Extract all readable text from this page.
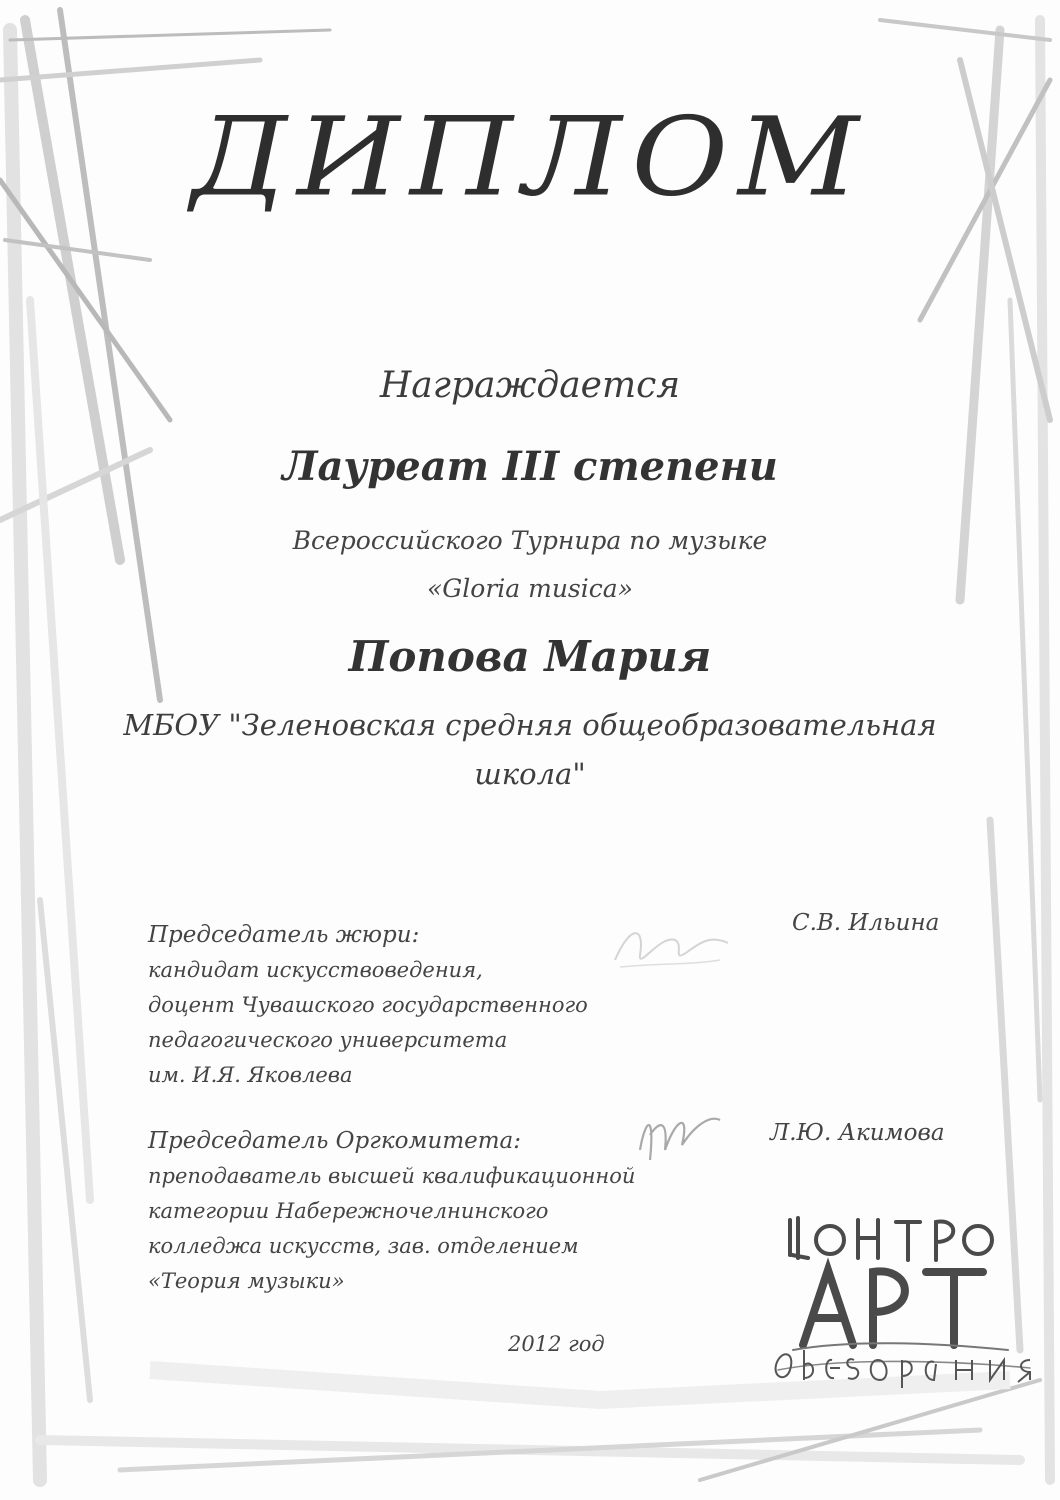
ДИПЛОМ
Награждается
Лауреат III степени
Всероссийского Турнира по музыке
«Gloria musica»
Попова Мария
МБОУ "Зеленовская средняя общеобразовательная
школа"
Председатель жюри:
кандидат искусствоведения,
доцент Чувашского государственного
педагогического университета
им. И.Я. Яковлева
С.В. Ильина
Председатель Оргкомитета:
преподаватель высшей квалификационной
категории Набережночелнинского
колледжа искусств, зав. отделением
«Теория музыки»
Л.Ю. Акимова
2012 год
